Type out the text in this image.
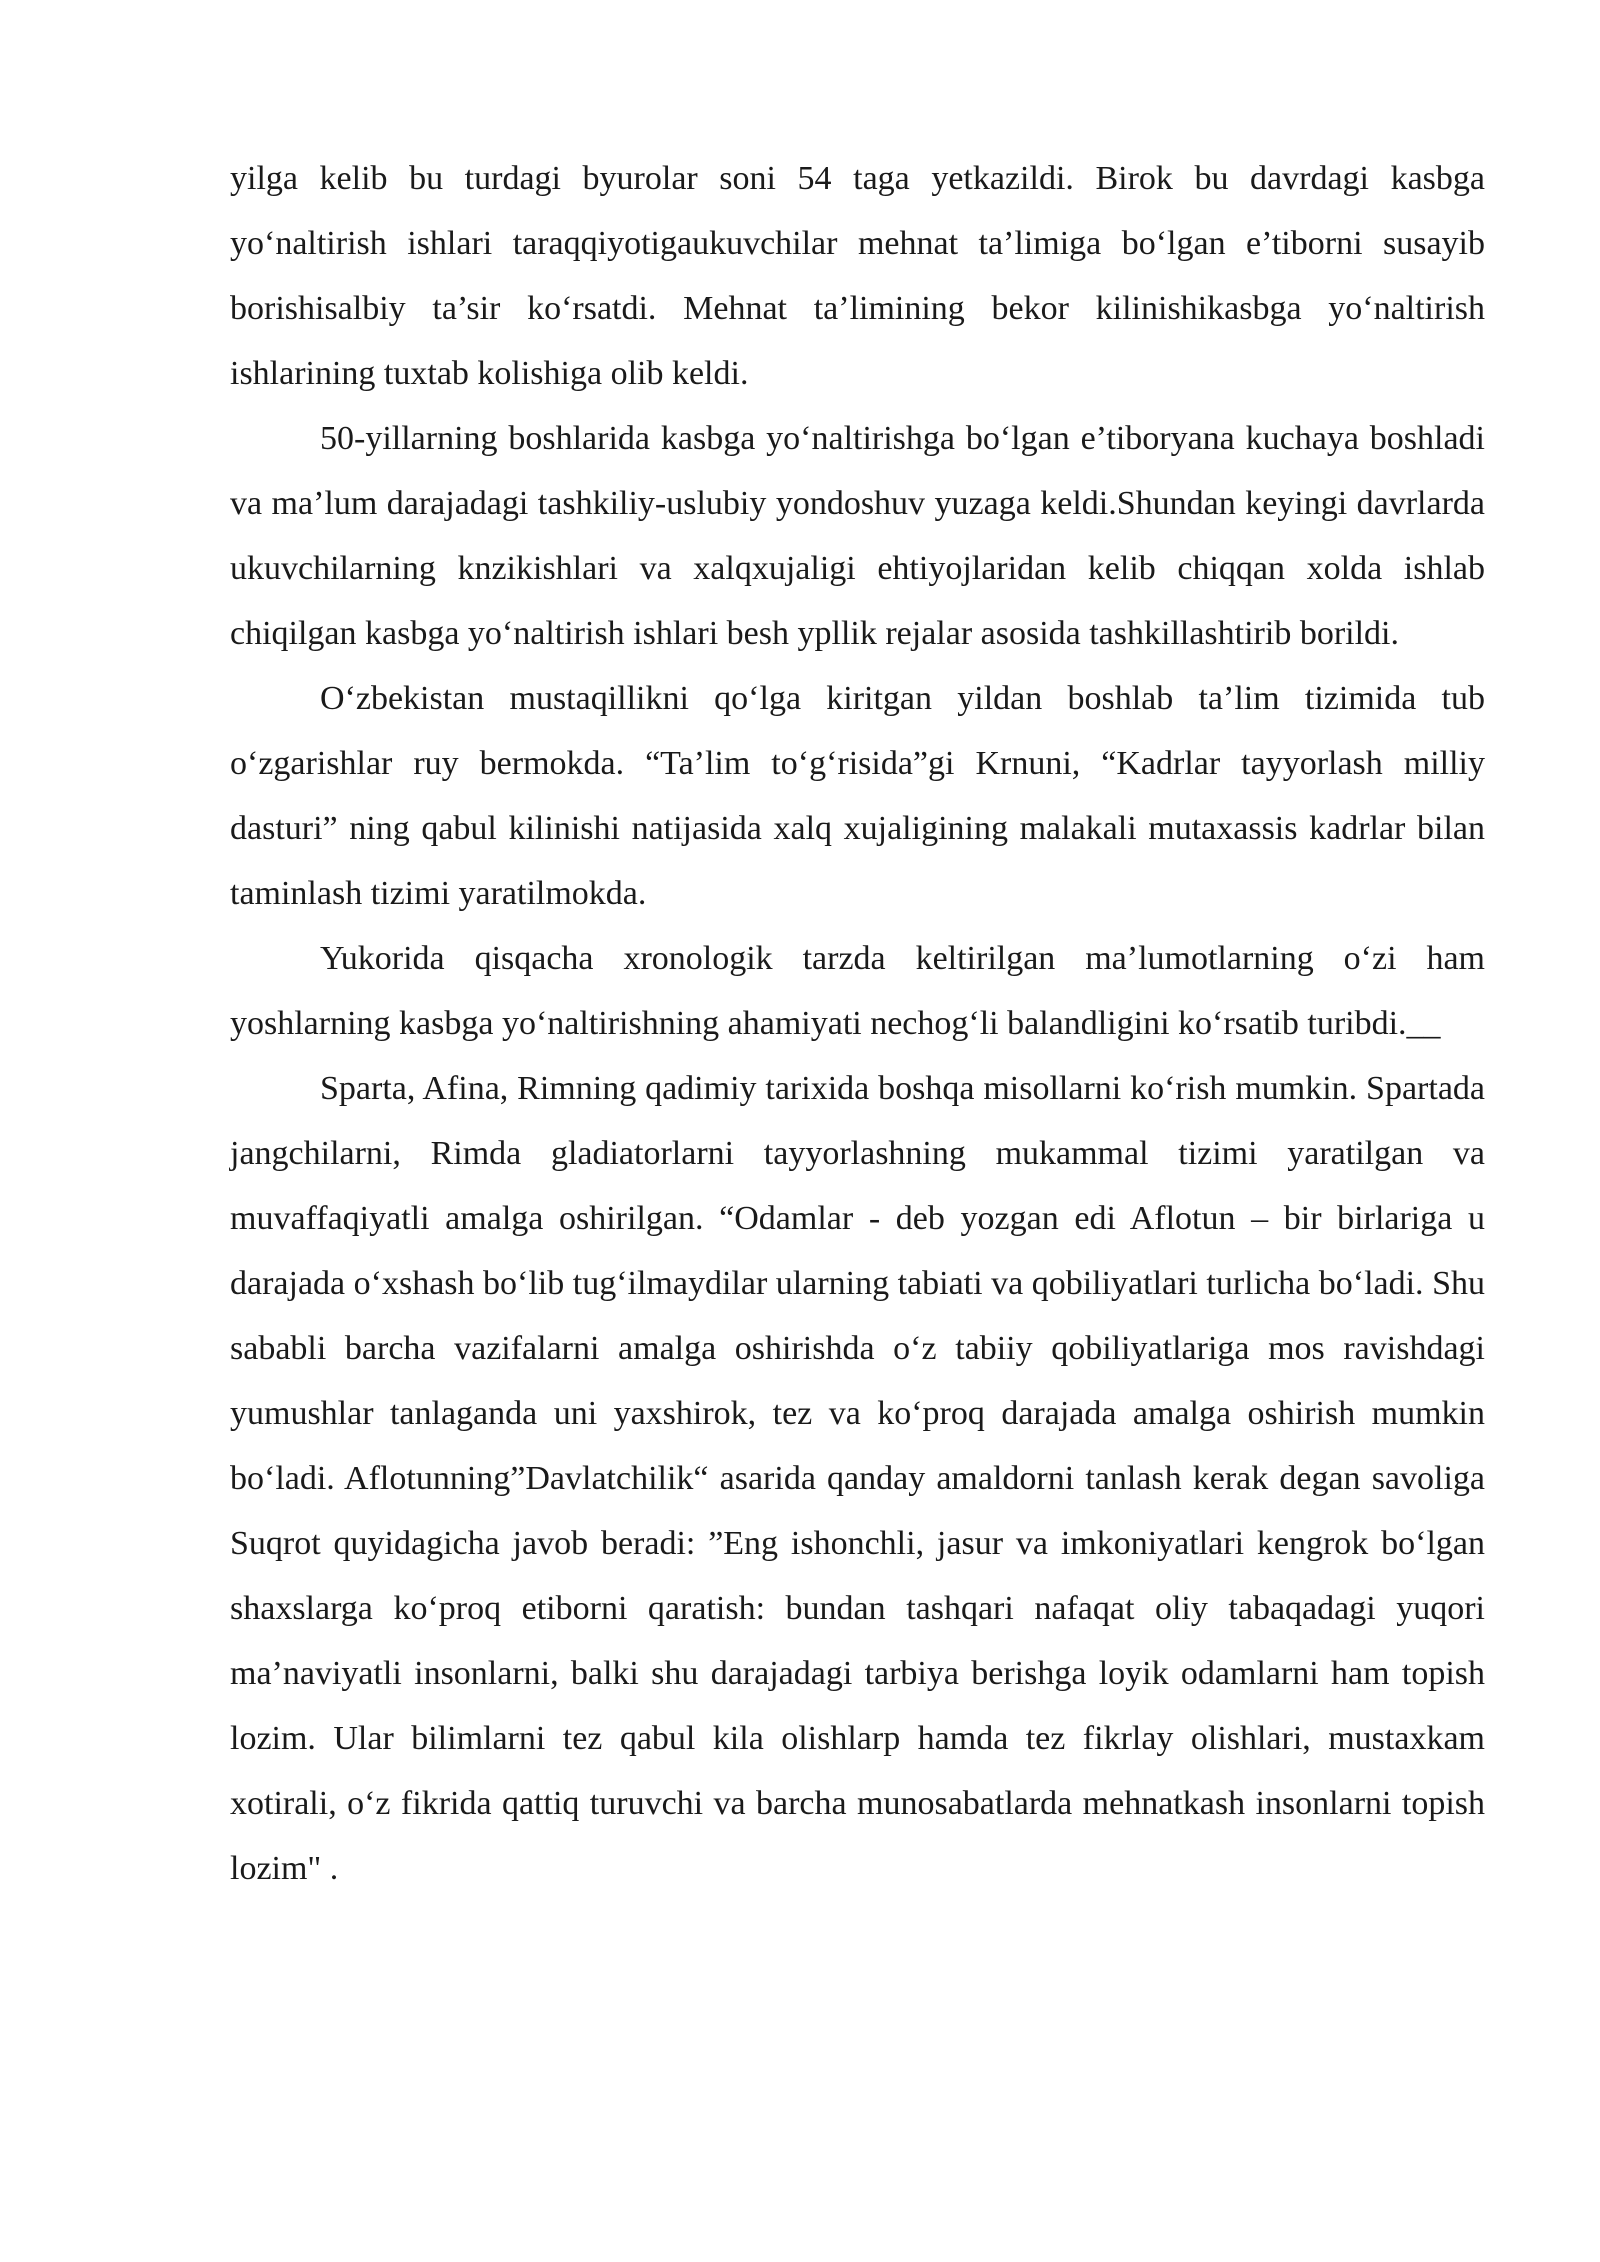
yilga kelib bu turdagi byurolar soni 54 taga yetkazildi. Birok bu davrdagi kasbga yo‘naltirish ishlari taraqqiyotigaukuvchilar mehnat ta’limiga bo‘lgan e’tiborni susayib borishisalbiy ta’sir ko‘rsatdi. Mehnat ta’limining bekor kilinishikasbga yo‘naltirish ishlarining tuxtab kolishiga olib keldi.

50-yillarning boshlarida kasbga yo‘naltirishga bo‘lgan e’tiboryana kuchaya boshladi va ma’lum darajadagi tashkiliy-uslubiy yondoshuv yuzaga keldi.Shundan keyingi davrlarda ukuvchilarning knzikishlari va xalqxujaligi ehtiyojlaridan kelib chiqqan xolda ishlab chiqilgan kasbga yo‘naltirish ishlari besh ypllik rejalar asosida tashkillashtirib borildi.

O‘zbekistan mustaqillikni qo‘lga kiritgan yildan boshlab ta’lim tizimida tub o‘zgarishlar ruy bermokda. “Ta’lim to‘g‘risida”gi Krnuni, “Kadrlar tayyorlash milliy dasturi” ning qabul kilinishi natijasida xalq xujaligining malakali mutaxassis kadrlar bilan taminlash tizimi yaratilmokda.

Yukorida qisqacha xronologik tarzda keltirilgan ma’lumotlarning o‘zi ham yoshlarning kasbga yo‘naltirishning ahamiyati nechog‘li balandligini ko‘rsatib turibdi.__

Sparta, Afina, Rimning qadimiy tarixida boshqa misollarni ko‘rish mumkin. Spartada jangchilarni, Rimda gladiatorlarni tayyorlashning mukammal tizimi yaratilgan va muvaffaqiyatli amalga oshirilgan. “Odamlar - deb yozgan edi Aflotun – bir birlariga u darajada o‘xshash bo‘lib tug‘ilmaydilar ularning tabiati va qobiliyatlari turlicha bo‘ladi. Shu sababli barcha vazifalarni amalga oshirishda o‘z tabiiy qobiliyatlariga mos ravishdagi yumushlar tanlaganda uni yaxshirok, tez va ko‘proq darajada amalga oshirish mumkin bo‘ladi. Aflotunning”Davlatchilik“ asarida qanday amaldorni tanlash kerak degan savoliga Suqrot quyidagicha javob beradi: ”Eng ishonchli, jasur va imkoniyatlari kengrok bo‘lgan shaxslarga ko‘proq etiborni qaratish: bundan tashqari nafaqat oliy tabaqadagi yuqori ma’naviyatli insonlarni, balki shu darajadagi tarbiya berishga loyik odamlarni ham topish lozim. Ular bilimlarni tez qabul kila olishlarp hamda tez fikrlay olishlari, mustaxkam xotirali, o‘z fikrida qattiq turuvchi va barcha munosabatlarda mehnatkash insonlarni topish lozim" .
